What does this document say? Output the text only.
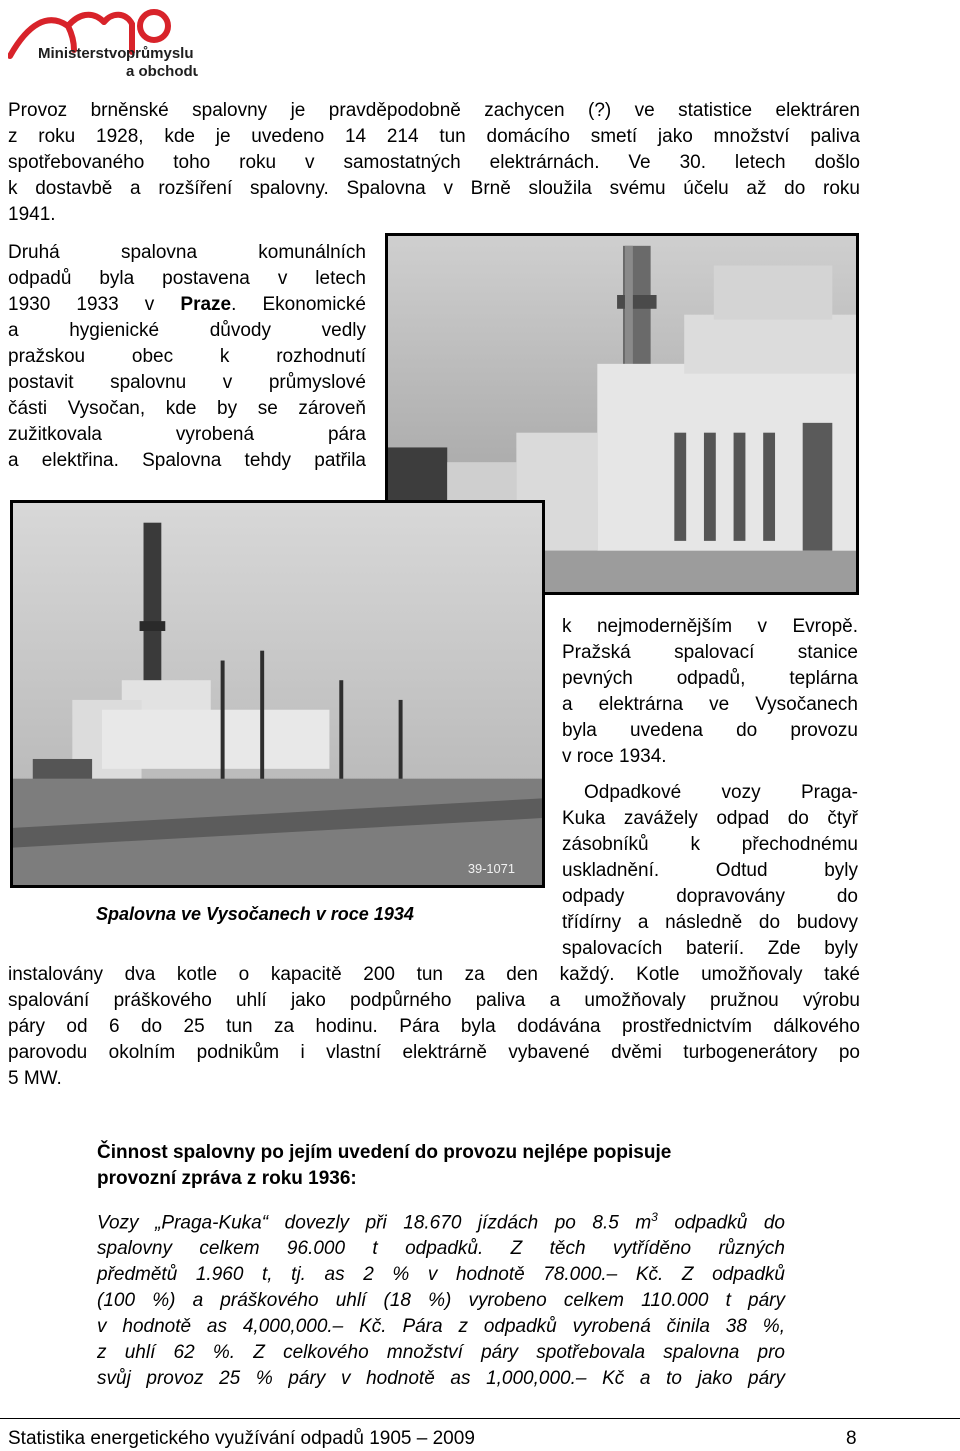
Ministerstvo průmyslu
a obchodu
Provoz brněnské spalovny je pravděpodobně zachycen (?) ve statistice elektráren
z roku 1928, kde je uvedeno 14 214 tun domácího smetí jako množství paliva
spotřebovaného toho roku v samostatných elektrárnách. Ve 30. letech došlo
k dostavbě a rozšíření spalovny. Spalovna v Brně sloužila svému účelu až do roku
1941.
Druhá spalovna komunálních
odpadů byla postavena v letech
1930 1933 v Praze. Ekonomické
a hygienické důvody vedly
pražskou obec k rozhodnutí
postavit spalovnu v průmyslové
části Vysočan, kde by se zároveň
zužitkovala vyrobená pára
a elektřina. Spalovna tehdy patřila
39-1071
k nejmodernějším v Evropě.
Pražská spalovací stanice
pevných odpadů, teplárna
a elektrárna ve Vysočanech
byla uvedena do provozu
v roce 1934.
Odpadkové vozy Praga-
Kuka zavážely odpad do čtyř
zásobníků k přechodnému
uskladnění. Odtud byly
odpady dopravovány do
třídírny a následně do budovy
spalovacích baterií. Zde byly
Spalovna ve Vysočanech v roce 1934
instalovány dva kotle o kapacitě 200 tun za den každý. Kotle umožňovaly také
spalování práškového uhlí jako podpůrného paliva a umožňovaly pružnou výrobu
páry od 6 do 25 tun za hodinu. Pára byla dodávána prostřednictvím dálkového
parovodu okolním podnikům i vlastní elektrárně vybavené dvěmi turbogenerátory po
5 MW.
Činnost spalovny po jejím uvedení do provozu nejlépe popisuje
provozní zpráva z roku 1936:
Vozy „Praga-Kuka“ dovezly při 18.670 jízdách po 8.5 $m^3$ odpadků do
spalovny celkem 96.000 t odpadků. Z těch vytříděno různých
předmětů 1.960 t, tj. as 2 % v hodnotě 78.000.– Kč. Z odpadků
(100 %) a práškového uhlí (18 %) vyrobeno celkem 110.000 t páry
v hodnotě as 4,000,000.– Kč. Pára z odpadků vyrobená činila 38 %,
z uhlí 62 %. Z celkového množství páry spotřebovala spalovna pro
svůj provoz 25 % páry v hodnotě as 1,000,000.– Kč a to jako páry
Statistika energetického využívání odpadů 1905 – 2009	8
